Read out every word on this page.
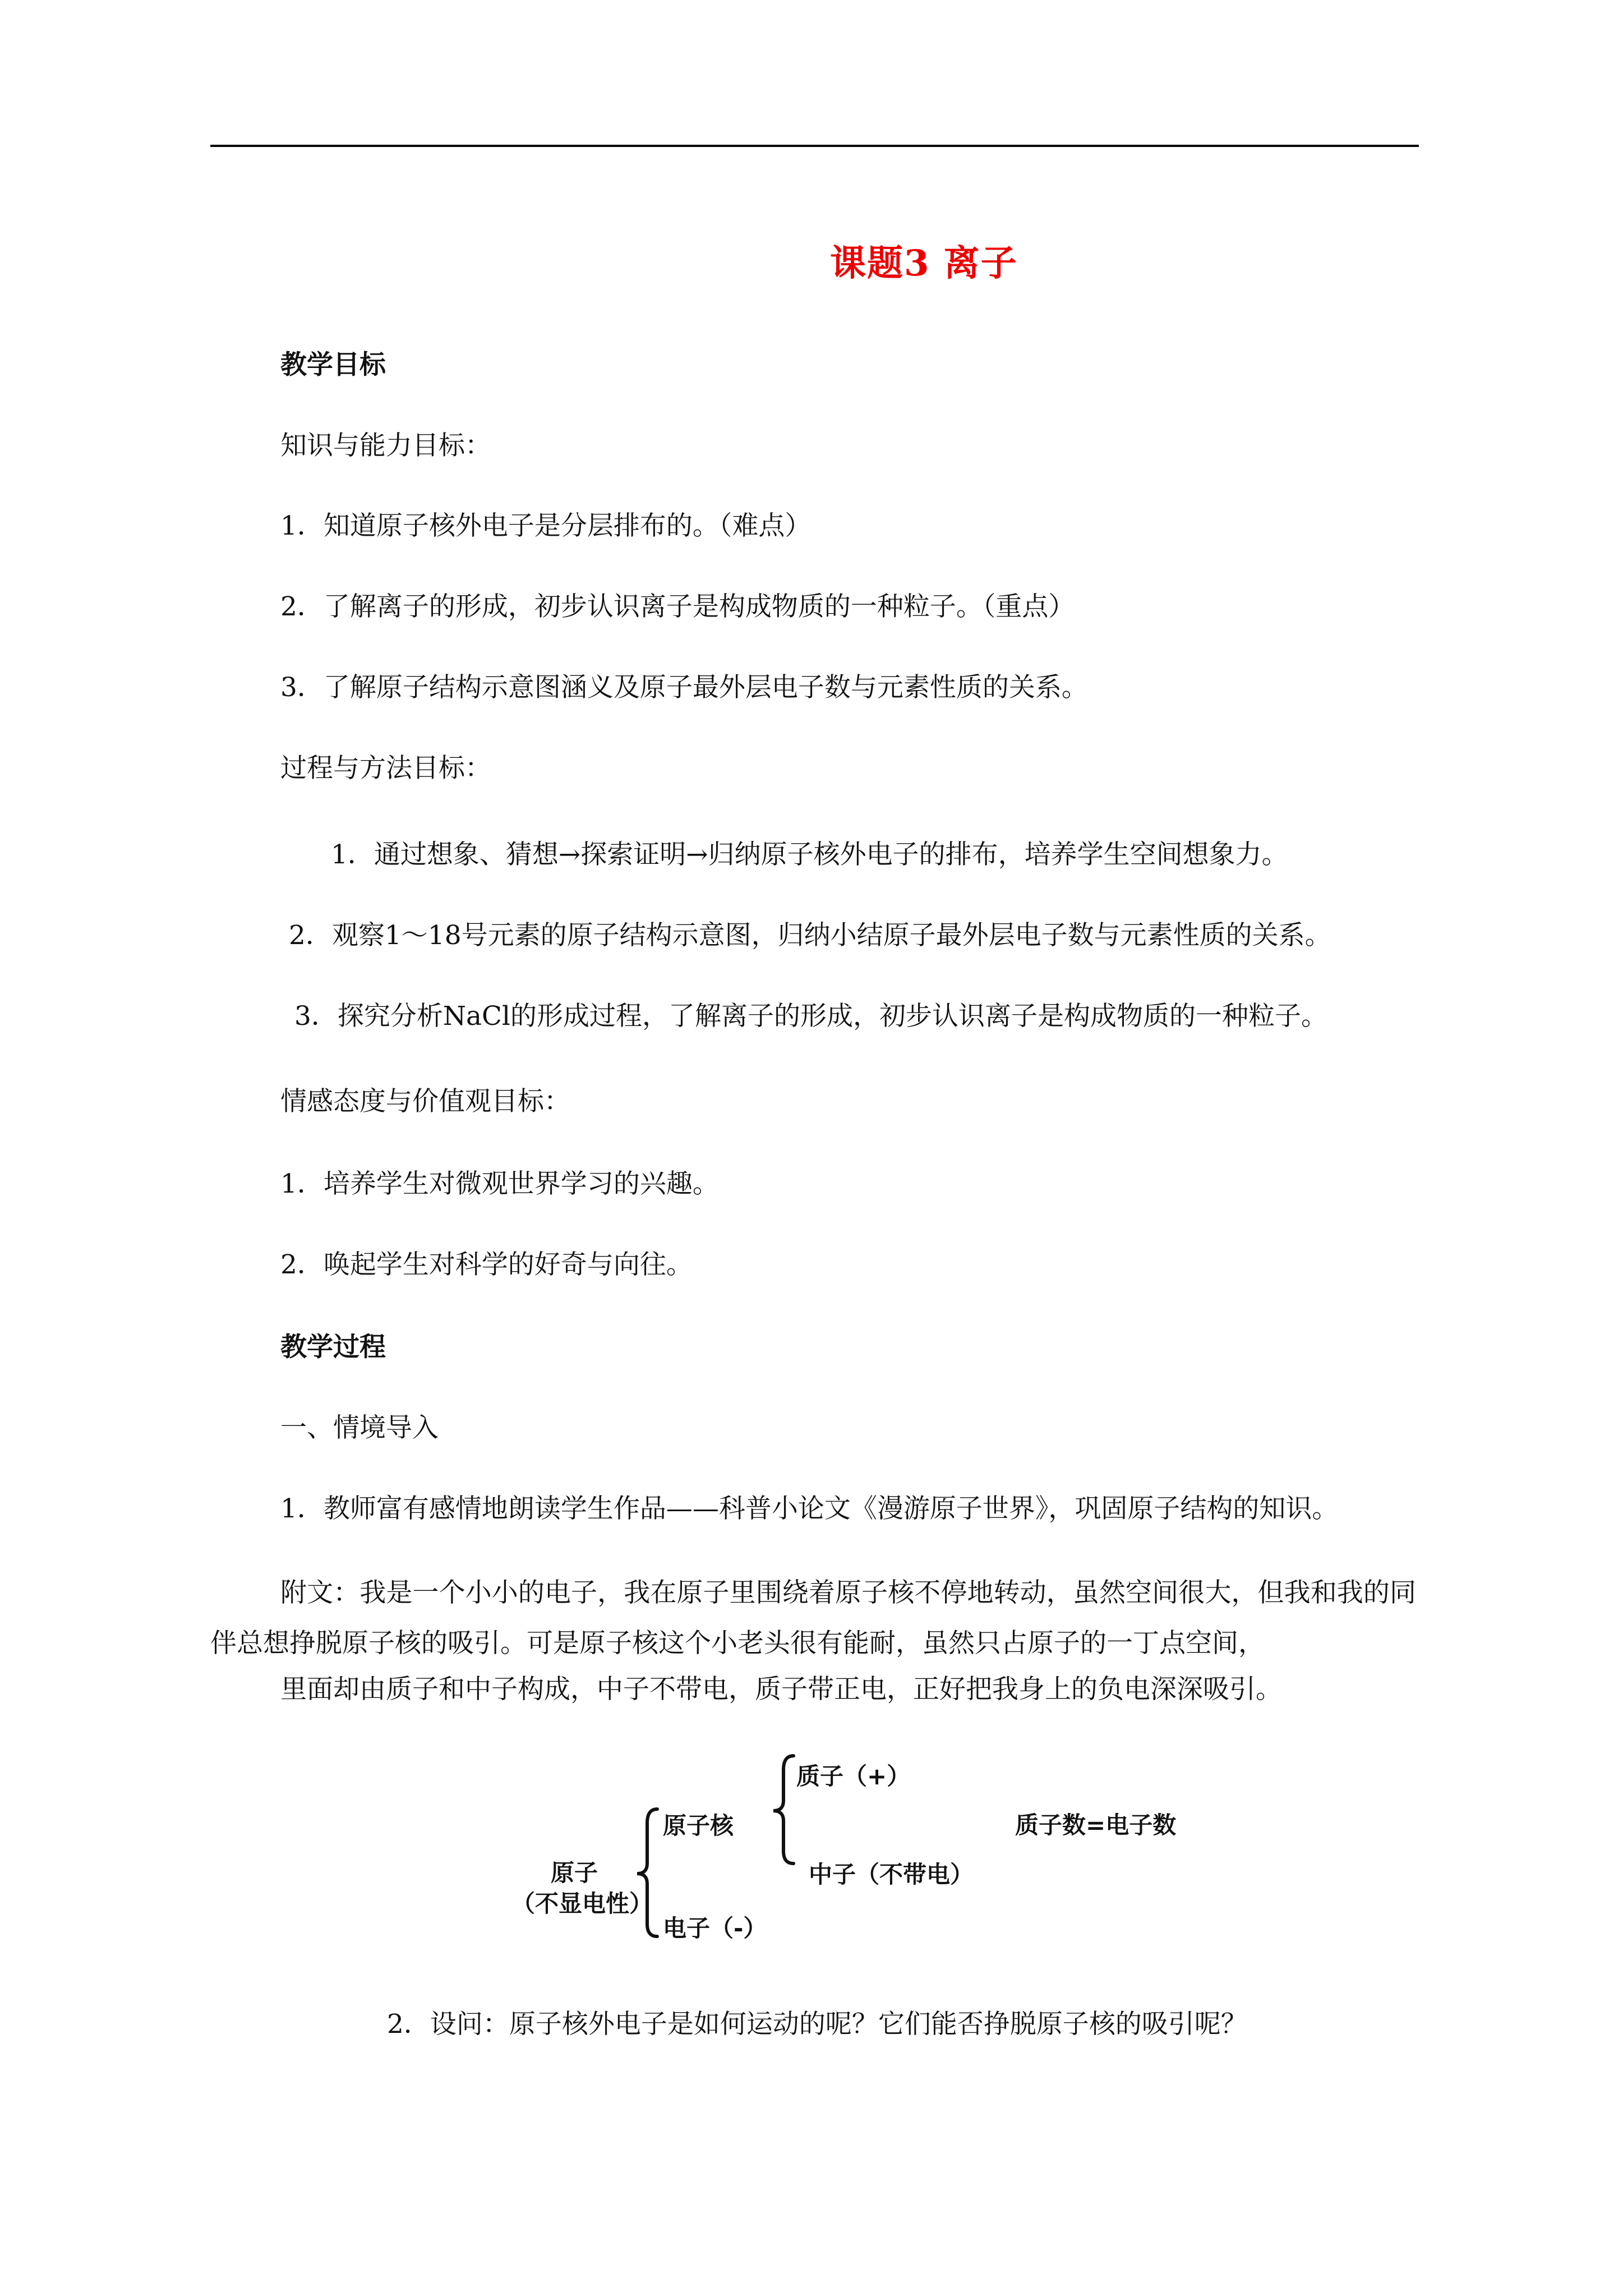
课题3 离子
教学目标
知识与能力目标：
1．知道原子核外电子是分层排布的。（难点）
2．了解离子的形成，初步认识离子是构成物质的一种粒子。（重点）
3．了解原子结构示意图涵义及原子最外层电子数与元素性质的关系。
过程与方法目标：
1．通过想象、猜想→探索证明→归纳原子核外电子的排布，培养学生空间想象力。
2．观察1～18号元素的原子结构示意图，归纳小结原子最外层电子数与元素性质的关系。
3．探究分析NaCl的形成过程，了解离子的形成，初步认识离子是构成物质的一种粒子。
情感态度与价值观目标：
1．培养学生对微观世界学习的兴趣。
2．唤起学生对科学的好奇与向往。
教学过程
一、情境导入
1．教师富有感情地朗读学生作品——科普小论文《漫游原子世界》，巩固原子结构的知识。
附文：我是一个小小的电子，我在原子里围绕着原子核不停地转动，虽然空间很大，但我和我的同伴总想挣脱原子核的吸引。可是原子核这个小老头很有能耐，虽然只占原子的一丁点空间，
里面却由质子和中子构成，中子不带电，质子带正电，正好把我身上的负电深深吸引。
原子
（不显电性）
原子核
电子（-）
质子（+）
中子（不带电）
质子数=电子数
2．设问：原子核外电子是如何运动的呢？它们能否挣脱原子核的吸引呢？
